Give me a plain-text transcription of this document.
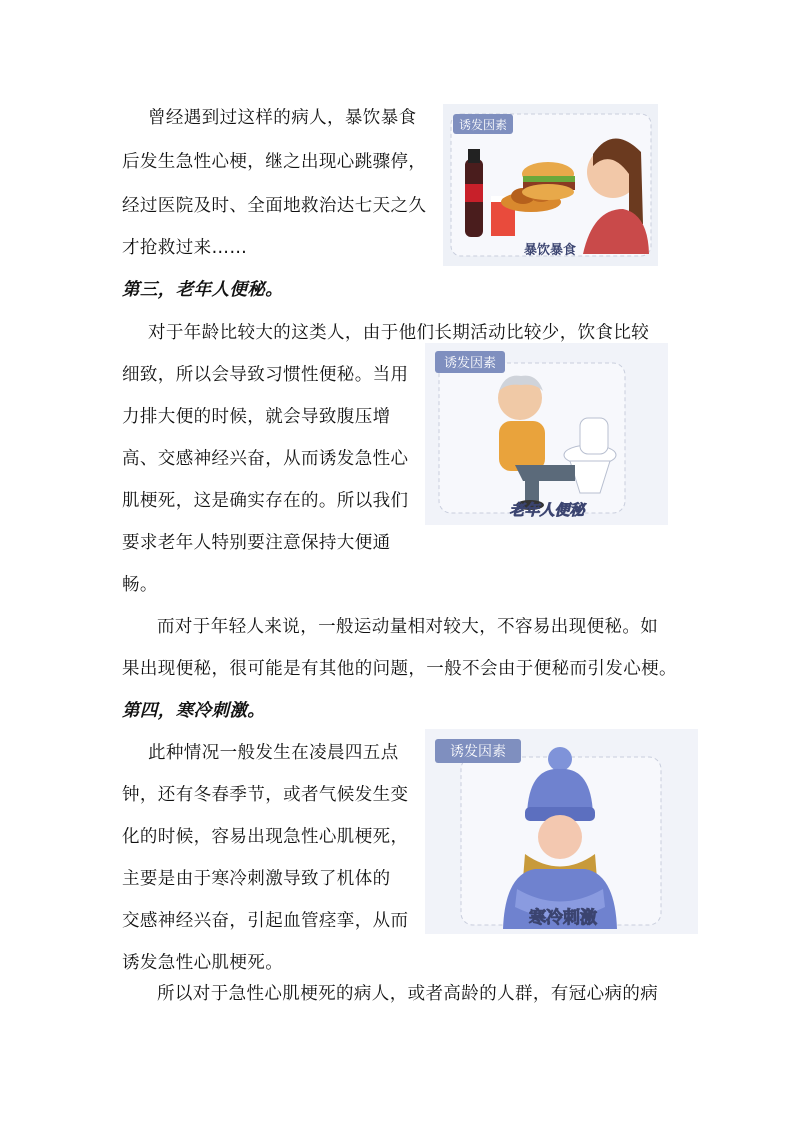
曾经遇到过这样的病人，暴饮暴食
后发生急性心梗，继之出现心跳骤停，
经过医院及时、全面地救治达七天之久
才抢救过来……
诱发因素
暴饮暴食
第三，老年人便秘。
对于年龄比较大的这类人，由于他们长期活动比较少，饮食比较
细致，所以会导致习惯性便秘。当用
力排大便的时候，就会导致腹压增
高、交感神经兴奋，从而诱发急性心
肌梗死，这是确实存在的。所以我们
要求老年人特别要注意保持大便通
畅。
诱发因素
老年人便秘
而对于年轻人来说，一般运动量相对较大，不容易出现便秘。如
果出现便秘，很可能是有其他的问题，一般不会由于便秘而引发心梗。
第四，寒冷刺激。
此种情况一般发生在凌晨四五点
钟，还有冬春季节，或者气候发生变
化的时候，容易出现急性心肌梗死，
主要是由于寒冷刺激导致了机体的
交感神经兴奋，引起血管痉挛，从而
诱发急性心肌梗死。
诱发因素
寒冷刺激
所以对于急性心肌梗死的病人，或者高龄的人群，有冠心病的病
